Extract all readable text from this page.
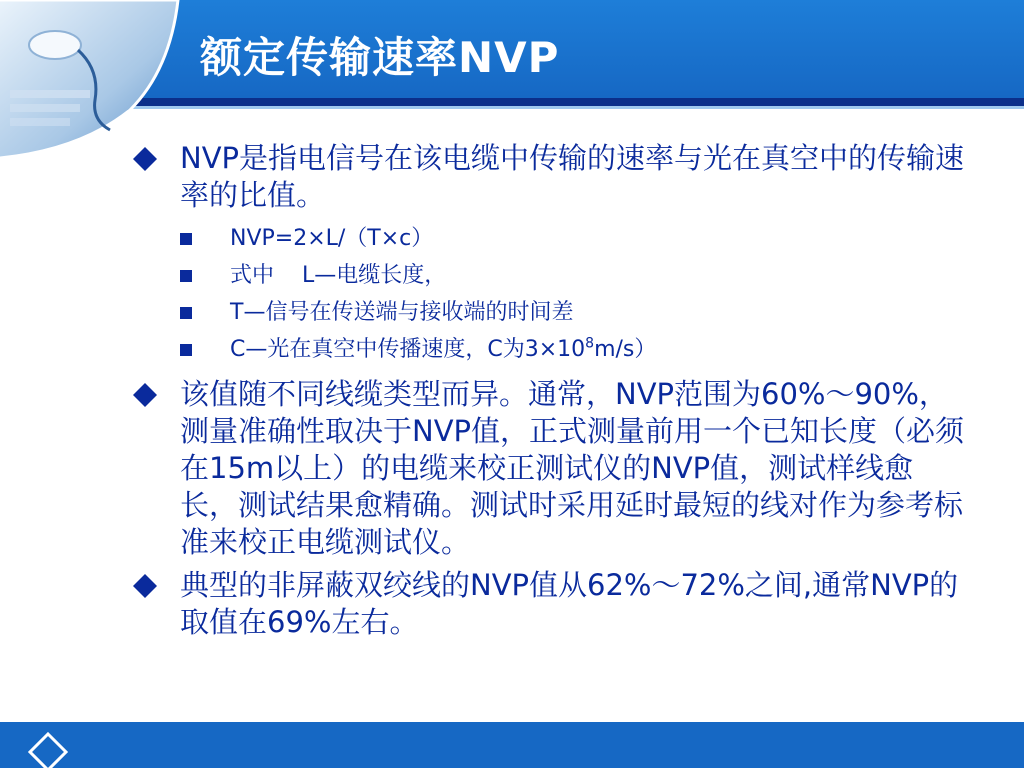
额定传输速率NVP
NVP是指电信号在该电缆中传输的速率与光在真空中的传输速率的比值。
NVP=2×L/（T×c）
式中    L—电缆长度，
T—信号在传送端与接收端的时间差
C—光在真空中传播速度，C为$3\times 10^8m/s$）
该值随不同线缆类型而异。通常，NVP范围为60%～90%，测量准确性取决于NVP值，正式测量前用一个已知长度（必须在15m以上）的电缆来校正测试仪的NVP值，测试样线愈长，测试结果愈精确。测试时采用延时最短的线对作为参考标准来校正电缆测试仪。
典型的非屏蔽双绞线的NVP值从62%～72%之间,通常NVP的取值在69%左右。
